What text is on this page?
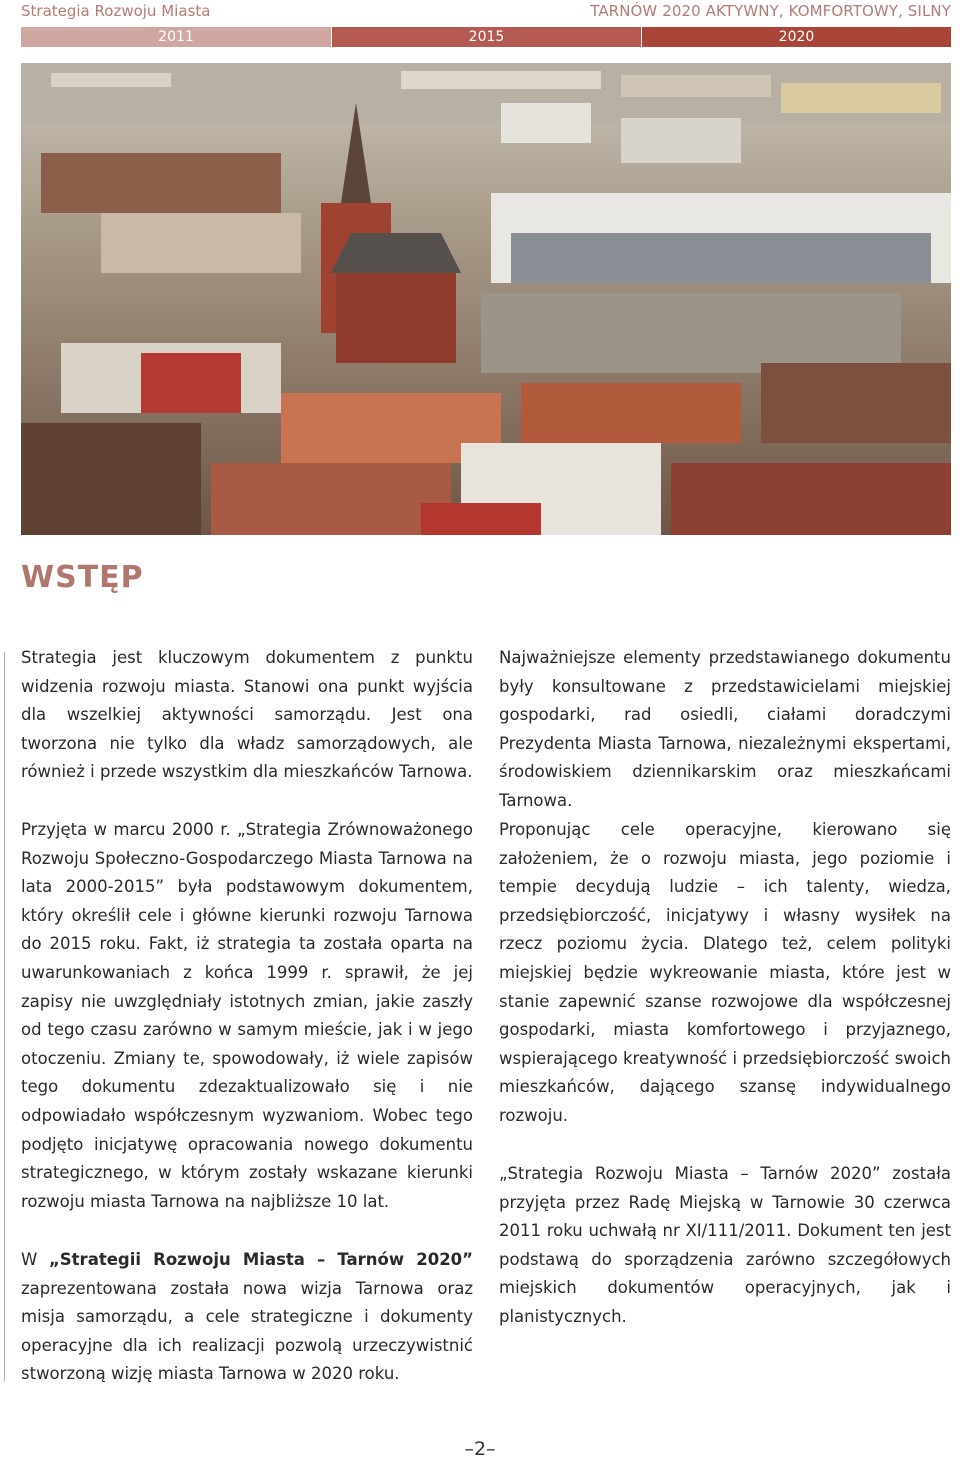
Strategia Rozwoju Miasta	TARNÓW 2020 AKTYWNY, KOMFORTOWY, SILNY
2011	2015	2020
WSTĘP

Strategia jest kluczowym dokumentem z punktu widzenia rozwoju miasta. Stanowi ona punkt wyjścia dla wszelkiej aktywności samorządu. Jest ona tworzona nie tylko dla władz samorządowych, ale również i przede wszystkim dla mieszkańców Tarnowa.

Przyjęta w marcu 2000 r. „Strategia Zrównoważonego Rozwoju Społeczno-Gospodarczego Miasta Tarnowa na lata 2000-2015” była podstawowym dokumentem, który określił cele i główne kierunki rozwoju Tarnowa do 2015 roku. Fakt, iż strategia ta została oparta na uwarunkowaniach z końca 1999 r. sprawił, że jej zapisy nie uwzględniały istotnych zmian, jakie zaszły od tego czasu zarówno w samym mieście, jak i w jego otoczeniu. Zmiany te, spowodowały, iż wiele zapisów tego dokumentu zdezaktualizowało się i nie odpowiadało współczesnym wyzwaniom. Wobec tego podjęto inicjatywę opracowania nowego dokumentu strategicznego, w którym zostały wskazane kierunki rozwoju miasta Tarnowa na najbliższe 10 lat.

W „Strategii Rozwoju Miasta – Tarnów 2020” zaprezentowana została nowa wizja Tarnowa oraz misja samorządu, a cele strategiczne i dokumenty operacyjne dla ich realizacji pozwolą urzeczywistnić stworzoną wizję miasta Tarnowa w 2020 roku.

Najważniejsze elementy przedstawianego dokumentu były konsultowane z przedstawicielami miejskiej gospodarki, rad osiedli, ciałami doradczymi Prezydenta Miasta Tarnowa, niezależnymi ekspertami, środowiskiem dziennikarskim oraz mieszkańcami Tarnowa.

Proponując cele operacyjne, kierowano się założeniem, że o rozwoju miasta, jego poziomie i tempie decydują ludzie – ich talenty, wiedza, przedsiębiorczość, inicjatywy i własny wysiłek na rzecz poziomu życia. Dlatego też, celem polityki miejskiej będzie wykreowanie miasta, które jest w stanie zapewnić szanse rozwojowe dla współczesnej gospodarki, miasta komfortowego i przyjaznego, wspierającego kreatywność i przedsiębiorczość swoich mieszkańców, dającego szansę indywidualnego rozwoju.

„Strategia Rozwoju Miasta – Tarnów 2020” została przyjęta przez Radę Miejską w Tarnowie 30 czerwca 2011 roku uchwałą nr XI/111/2011. Dokument ten jest podstawą do sporządzenia zarówno szczegółowych miejskich dokumentów operacyjnych, jak i planistycznych.

–2–
